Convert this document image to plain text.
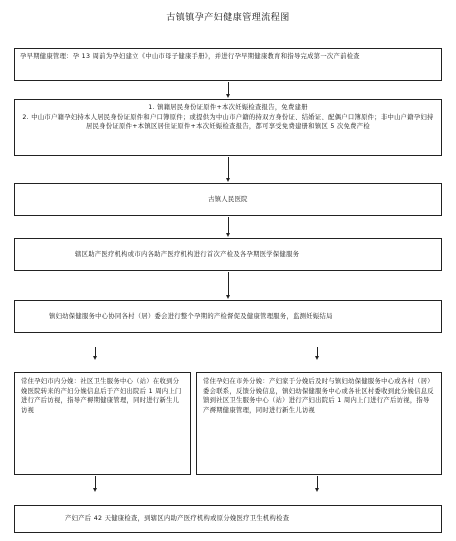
古镇镇孕产妇健康管理流程图
孕早期健康管理：孕 13 周前为孕妇建立《中山市母子健康手册》，并进行孕早期健康教育和指导完成第一次产前检查
1. 镇籍居民身份证原件+本次妊娠检查报告，免费建册
2. 中山市户籍孕妇持本人居民身份证原件和户口簿原件；或提供为中山市户籍的持双方身份证、结婚证、配偶户口簿原件；非中山户籍孕妇持居民身份证原件+本镇区居住证原件+本次妊娠检查报告，都可享受免费建册和镇区 5 次免费产检
古镇人民医院
辖区助产医疗机构或市内各助产医疗机构进行首次产检及各孕期医学保健服务
镇妇幼保健服务中心协同各村（居）委会进行整个孕期的产检督促及健康管理服务，监测妊娠结局
常住孕妇市内分娩：社区卫生服务中心（站）在收到分娩医院转来的产妇分娩信息后于产妇出院后 1 周内上门进行产后访视，指导产褥期健康管理，同时进行新生儿访视
常住孕妇在市外分娩：产妇家于分娩后及时与镇妇幼保健服务中心或各村（居）委会联系，反馈分娩信息，镇妇幼保健服务中心或各社区村委收到此分娩信息反馈到社区卫生服务中心（站）进行产妇出院后 1 周内上门进行产后访视，指导产褥期健康管理，同时进行新生儿访视
产妇产后 42 天健康检查，到辖区内助产医疗机构或原分娩医疗卫生机构检查
